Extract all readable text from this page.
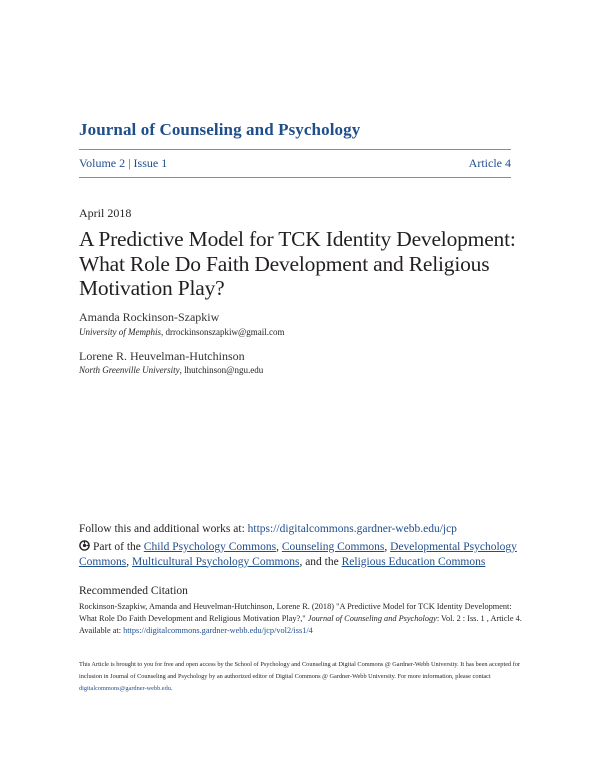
Journal of Counseling and Psychology
Volume 2 | Issue 1	Article 4
April 2018
A Predictive Model for TCK Identity Development: What Role Do Faith Development and Religious Motivation Play?
Amanda Rockinson-Szapkiw
University of Memphis, drrockinsonszapkiw@gmail.com
Lorene R. Heuvelman-Hutchinson
North Greenville University, lhutchinson@ngu.edu
Follow this and additional works at: https://digitalcommons.gardner-webb.edu/jcp
Part of the Child Psychology Commons, Counseling Commons, Developmental Psychology Commons, Multicultural Psychology Commons, and the Religious Education Commons
Recommended Citation
Rockinson-Szapkiw, Amanda and Heuvelman-Hutchinson, Lorene R. (2018) "A Predictive Model for TCK Identity Development: What Role Do Faith Development and Religious Motivation Play?," Journal of Counseling and Psychology: Vol. 2 : Iss. 1 , Article 4.
Available at: https://digitalcommons.gardner-webb.edu/jcp/vol2/iss1/4
This Article is brought to you for free and open access by the School of Psychology and Counseling at Digital Commons @ Gardner-Webb University. It has been accepted for inclusion in Journal of Counseling and Psychology by an authorized editor of Digital Commons @ Gardner-Webb University. For more information, please contact digitalcommons@gardner-webb.edu.
